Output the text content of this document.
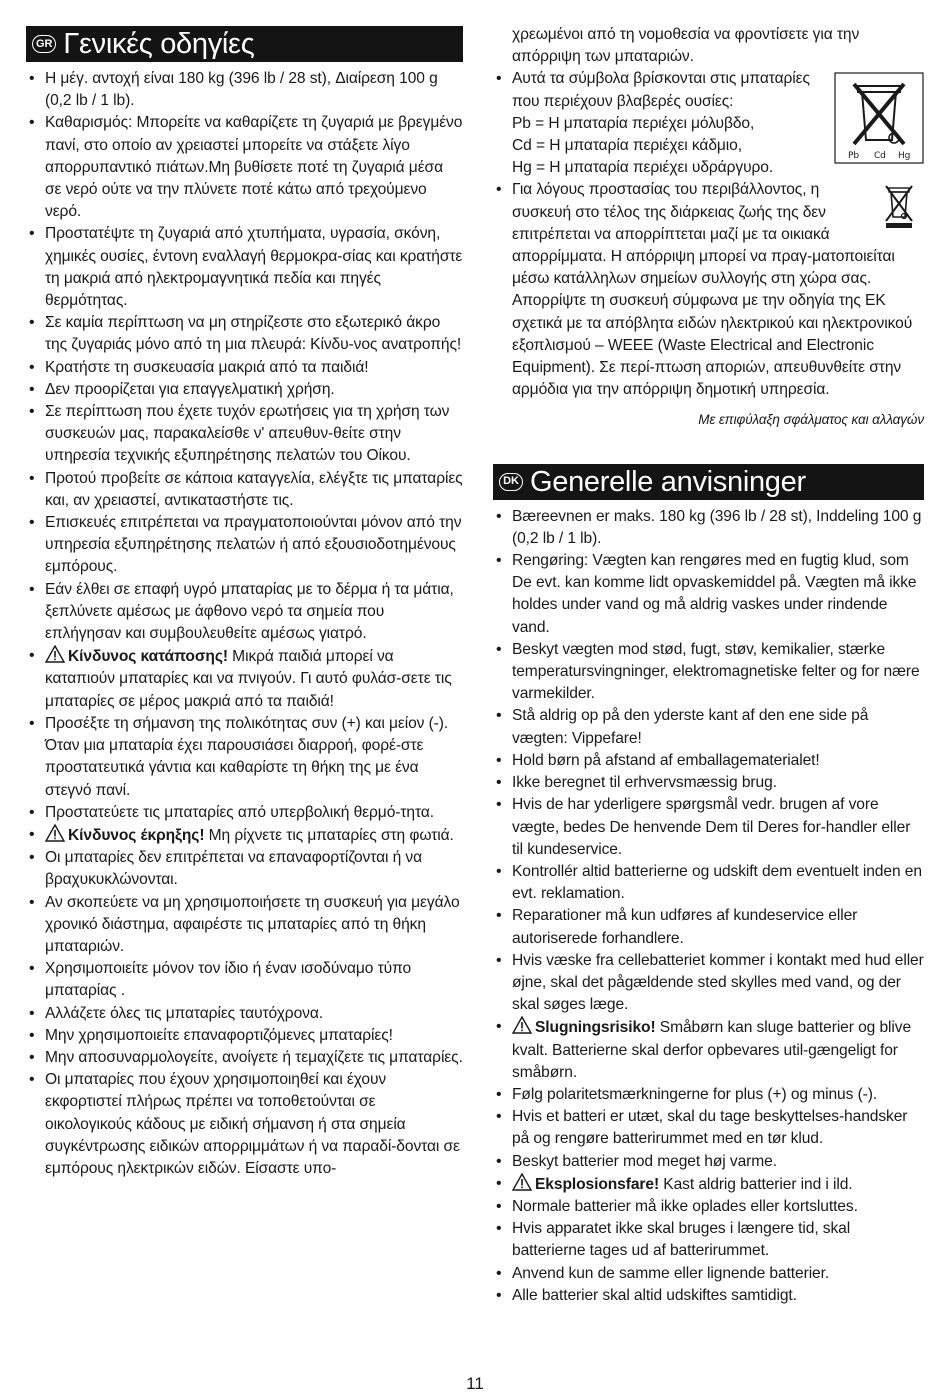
GR Γενικές οδηγίες
• Η μέγ. αντοχή είναι 180 kg (396 lb / 28 st), Διαίρεση 100 g (0,2 lb / 1 lb).
• Καθαρισμός: Μπορείτε να καθαρίζετε τη ζυγαριά με βρεγμένο πανί, στο οποίο αν χρειαστεί μπορείτε να στάξετε λίγο απορρυπαντικό πιάτων.Μη βυθίσετε ποτέ τη ζυγαριά μέσα σε νερό ούτε να την πλύνετε ποτέ κάτω από τρεχούμενο νερό.
• Προστατέψτε τη ζυγαριά από χτυπήματα, υγρασία, σκόνη, χημικές ουσίες, έντονη εναλλαγή θερμοκρα-σίας και κρατήστε τη μακριά από ηλεκτρομαγνητικά πεδία και πηγές θερμότητας.
• Σε καμία περίπτωση να μη στηρίζεστε στο εξωτερικό άκρο της ζυγαριάς μόνο από τη μια πλευρά: Κίνδυ-νος ανατροπής!
• Κρατήστε τη συσκευασία μακριά από τα παιδιά!
• Δεν προορίζεται για επαγγελματική χρήση.
• Σε περίπτωση που έχετε τυχόν ερωτήσεις για τη χρήση των συσκευών μας, παρακαλείσθε ν' απευθυν-θείτε στην υπηρεσία τεχνικής εξυπηρέτησης πελατών του Οίκου.
• Προτού προβείτε σε κάποια καταγγελία, ελέγξτε τις μπαταρίες και, αν χρειαστεί, αντικαταστήστε τις.
• Επισκευές επιτρέπεται να πραγματοποιούνται μόνον από την υπηρεσία εξυπηρέτησης πελατών ή από εξουσιοδοτημένους εμπόρους.
• Εάν έλθει σε επαφή υγρό μπαταρίας με το δέρμα ή τα μάτια, ξεπλύνετε αμέσως με άφθονο νερό τα σημεία που επλήγησαν και συμβουλευθείτε αμέσως γιατρό.
• Κίνδυνος κατάποσης! Μικρά παιδιά μπορεί να καταπιούν μπαταρίες και να πνιγούν. Γι αυτό φυλάσ-σετε τις μπαταρίες σε μέρος μακριά από τα παιδιά!
• Προσέξτε τη σήμανση της πολικότητας συν (+) και μείον (-).
Όταν μια μπαταρία έχει παρουσιάσει διαρροή, φορέ-στε προστατευτικά γάντια και καθαρίστε τη θήκη της με ένα στεγνό πανί.
• Προστατεύετε τις μπαταρίες από υπερβολική θερμό-τητα.
• Κίνδυνος έκρηξης! Μη ρίχνετε τις μπαταρίες στη φωτιά.
• Οι μπαταρίες δεν επιτρέπεται να επαναφορτίζονται ή να βραχυκυκλώνονται.
• Αν σκοπεύετε να μη χρησιμοποιήσετε τη συσκευή για μεγάλο χρονικό διάστημα, αφαιρέστε τις μπαταρίες από τη θήκη μπαταριών.
• Χρησιμοποιείτε μόνον τον ίδιο ή έναν ισοδύναμο τύπο μπαταρίας .
• Αλλάζετε όλες τις μπαταρίες ταυτόχρονα.
• Μην χρησιμοποιείτε επαναφορτιζόμενες μπαταρίες!
• Μην αποσυναρμολογείτε, ανοίγετε ή τεμαχίζετε τις μπαταρίες.
• Οι μπαταρίες που έχουν χρησιμοποιηθεί και έχουν εκφορτιστεί πλήρως πρέπει να τοποθετούνται σε οικολογικούς κάδους με ειδική σήμανση ή στα σημεία συγκέντρωσης ειδικών απορριμμάτων ή να παραδί-δονται σε εμπόρους ηλεκτρικών ειδών. Είσαστε υπο-
χρεωμένοι από τη νομοθεσία να φροντίσετε για την απόρριψη των μπαταριών.
• Pb Cd Hg
Αυτά τα σύμβολα βρίσκονται στις μπαταρίες που περιέχουν βλαβερές ουσίες:
Pb = Η μπαταρία περιέχει μόλυβδο,
Cd = Η μπαταρία περιέχει κάδμιο,
Hg = Η μπαταρία περιέχει υδράργυρο.
• Για λόγους προστασίας του περιβάλλοντος, η συσκευή στο τέλος της διάρκειας ζωής της δεν επιτρέπεται να απορρίπτεται μαζί με τα οικιακά απορρίμματα. Η απόρριψη μπορεί να πραγ-ματοποιείται μέσω κατάλληλων σημείων συλλογής στη χώρα σας. Απορρίψτε τη συσκευή σύμφωνα με την οδηγία της ΕΚ σχετικά με τα απόβλητα ειδών ηλεκτρικού και ηλεκτρονικού εξοπλισμού – WEEE (Waste Electrical and Electronic Equipment). Σε περί-πτωση αποριών, απευθυνθείτε στην αρμόδια για την απόρριψη δημοτική υπηρεσία.
Με επιφύλαξη σφάλματος και αλλαγών
DK Generelle anvisninger
• Bæreevnen er maks. 180 kg (396 lb / 28 st), Inddeling 100 g (0,2 lb / 1 lb).
• Rengøring: Vægten kan rengøres med en fugtig klud, som De evt. kan komme lidt opvaskemiddel på. Vægten må ikke holdes under vand og må aldrig vaskes under rindende vand.
• Beskyt vægten mod stød, fugt, støv, kemikalier, stærke temperatursvingninger, elektromagnetiske felter og for nære varmekilder.
• Stå aldrig op på den yderste kant af den ene side på vægten: Vippefare!
• Hold børn på afstand af emballagematerialet!
• Ikke beregnet til erhvervsmæssig brug.
• Hvis de har yderligere spørgsmål vedr. brugen af vore vægte, bedes De henvende Dem til Deres for-handler eller til kundeservice.
• Kontrollér altid batterierne og udskift dem eventuelt inden en evt. reklamation.
• Reparationer må kun udføres af kundeservice eller autoriserede forhandlere.
• Hvis væske fra cellebatteriet kommer i kontakt med hud eller øjne, skal det pågældende sted skylles med vand, og der skal søges læge.
• Slugningsrisiko! Småbørn kan sluge batterier og blive kvalt. Batterierne skal derfor opbevares util-gængeligt for småbørn.
• Følg polaritetsmærkningerne for plus (+) og minus (-).
• Hvis et batteri er utæt, skal du tage beskyttelses-handsker på og rengøre batterirummet med en tør klud.
• Beskyt batterier mod meget høj varme.
• Eksplosionsfare! Kast aldrig batterier ind i ild.
• Normale batterier må ikke oplades eller kortsluttes.
• Hvis apparatet ikke skal bruges i længere tid, skal batterierne tages ud af batterirummet.
• Anvend kun de samme eller lignende batterier.
• Alle batterier skal altid udskiftes samtidigt.
11
